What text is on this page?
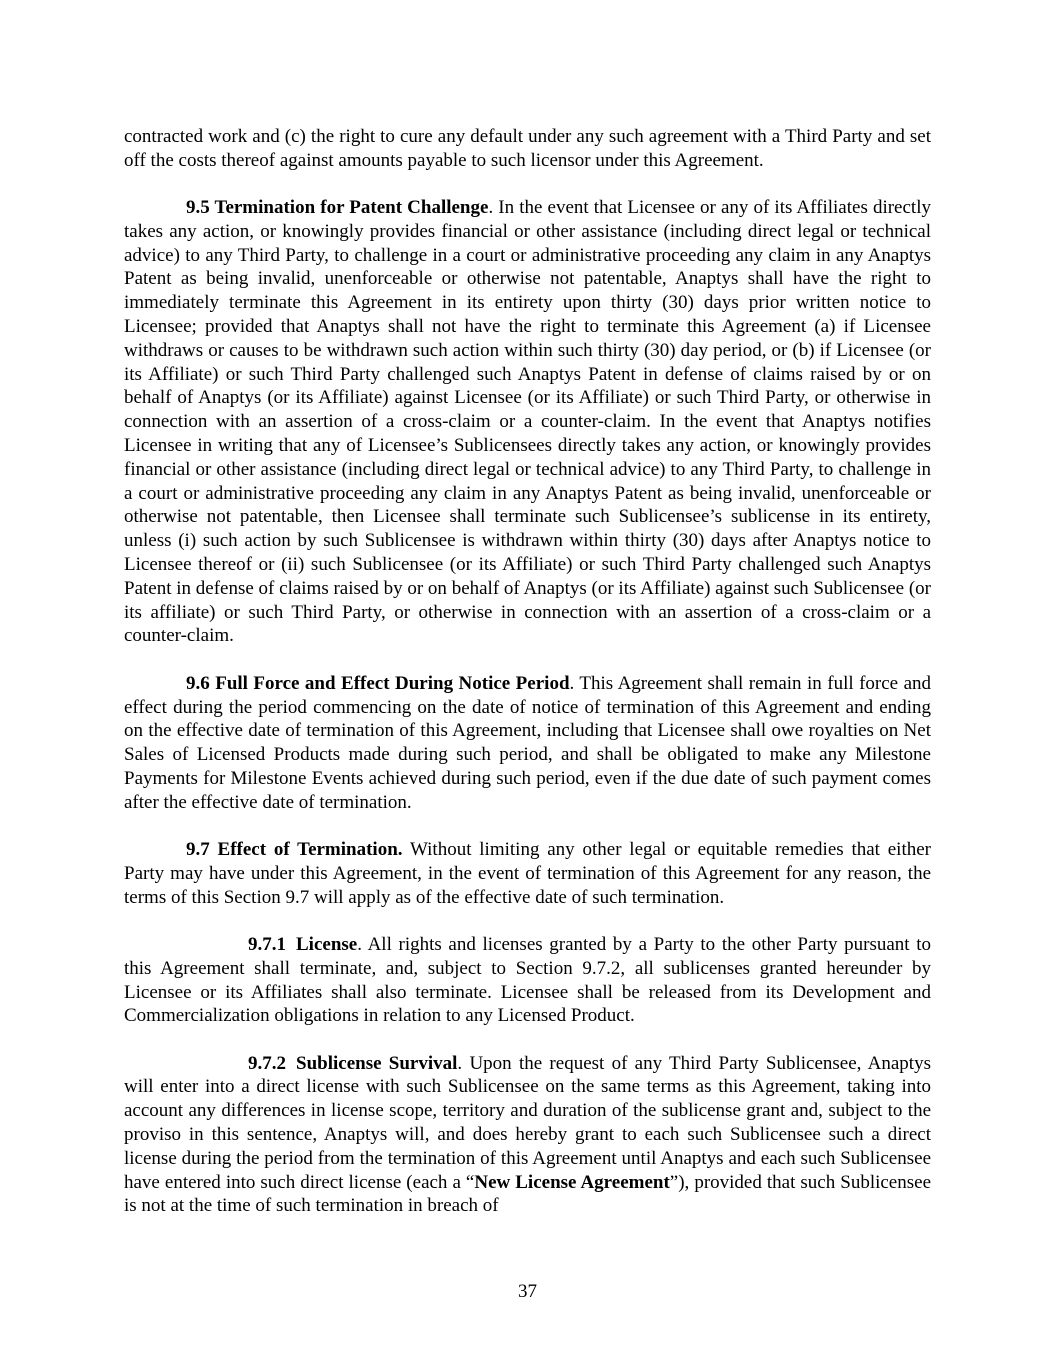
contracted work and (c) the right to cure any default under any such agreement with a Third Party and set off the costs thereof against amounts payable to such licensor under this Agreement.

9.5 Termination for Patent Challenge. In the event that Licensee or any of its Affiliates directly takes any action, or knowingly provides financial or other assistance (including direct legal or technical advice) to any Third Party, to challenge in a court or administrative proceeding any claim in any Anaptys Patent as being invalid, unenforceable or otherwise not patentable, Anaptys shall have the right to immediately terminate this Agreement in its entirety upon thirty (30) days prior written notice to Licensee; provided that Anaptys shall not have the right to terminate this Agreement (a) if Licensee withdraws or causes to be withdrawn such action within such thirty (30) day period, or (b) if Licensee (or its Affiliate) or such Third Party challenged such Anaptys Patent in defense of claims raised by or on behalf of Anaptys (or its Affiliate) against Licensee (or its Affiliate) or such Third Party, or otherwise in connection with an assertion of a cross-claim or a counter-claim. In the event that Anaptys notifies Licensee in writing that any of Licensee’s Sublicensees directly takes any action, or knowingly provides financial or other assistance (including direct legal or technical advice) to any Third Party, to challenge in a court or administrative proceeding any claim in any Anaptys Patent as being invalid, unenforceable or otherwise not patentable, then Licensee shall terminate such Sublicensee’s sublicense in its entirety, unless (i) such action by such Sublicensee is withdrawn within thirty (30) days after Anaptys notice to Licensee thereof or (ii) such Sublicensee (or its Affiliate) or such Third Party challenged such Anaptys Patent in defense of claims raised by or on behalf of Anaptys (or its Affiliate) against such Sublicensee (or its affiliate) or such Third Party, or otherwise in connection with an assertion of a cross-claim or a counter-claim.

9.6 Full Force and Effect During Notice Period. This Agreement shall remain in full force and effect during the period commencing on the date of notice of termination of this Agreement and ending on the effective date of termination of this Agreement, including that Licensee shall owe royalties on Net Sales of Licensed Products made during such period, and shall be obligated to make any Milestone Payments for Milestone Events achieved during such period, even if the due date of such payment comes after the effective date of termination.

9.7 Effect of Termination. Without limiting any other legal or equitable remedies that either Party may have under this Agreement, in the event of termination of this Agreement for any reason, the terms of this Section 9.7 will apply as of the effective date of such termination.

9.7.1 License. All rights and licenses granted by a Party to the other Party pursuant to this Agreement shall terminate, and, subject to Section 9.7.2, all sublicenses granted hereunder by Licensee or its Affiliates shall also terminate. Licensee shall be released from its Development and Commercialization obligations in relation to any Licensed Product.

9.7.2 Sublicense Survival. Upon the request of any Third Party Sublicensee, Anaptys will enter into a direct license with such Sublicensee on the same terms as this Agreement, taking into account any differences in license scope, territory and duration of the sublicense grant and, subject to the proviso in this sentence, Anaptys will, and does hereby grant to each such Sublicensee such a direct license during the period from the termination of this Agreement until Anaptys and each such Sublicensee have entered into such direct license (each a “New License Agreement”), provided that such Sublicensee is not at the time of such termination in breach of

37
